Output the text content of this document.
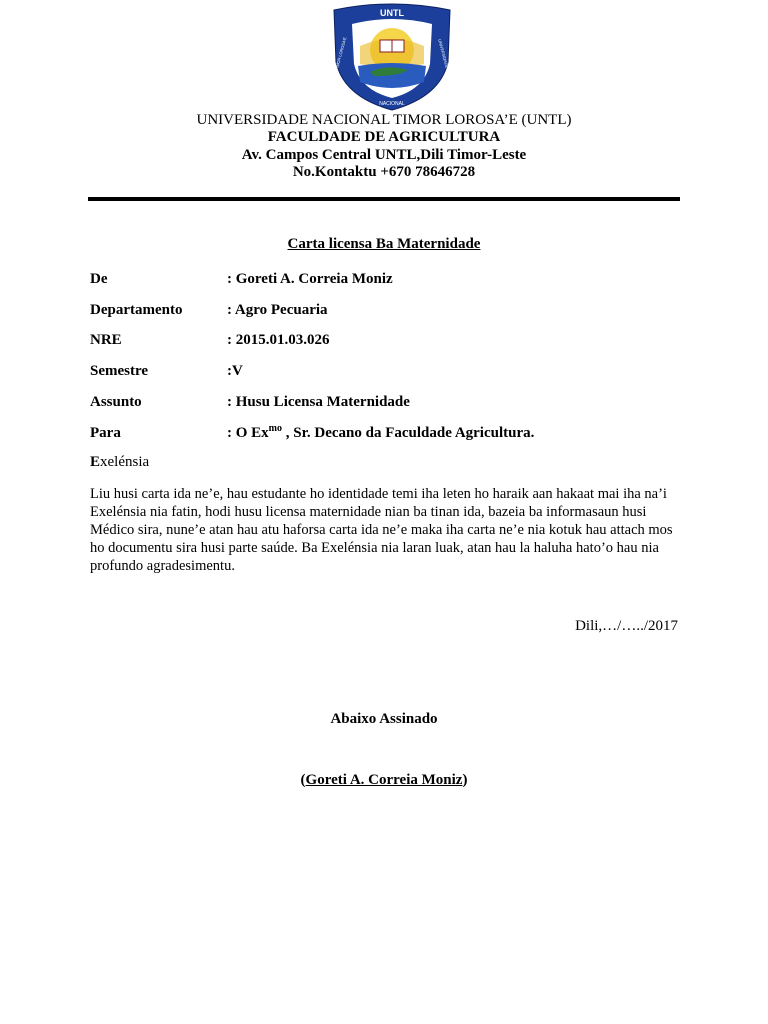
UNTL
TIMOR LOROSA'E	UNIVERSIDADE
NACIONAL
UNIVERSIDADE NACIONAL TIMOR LOROSA’E (UNTL)
FACULDADE DE AGRICULTURA
Av. Campos Central UNTL,Dili Timor-Leste
No.Kontaktu +670 78646728
Carta licensa Ba Maternidade
De	: Goreti A. Correia Moniz
Departamento	: Agro Pecuaria
NRE	: 2015.01.03.026
Semestre	:V
Assunto	: Husu Licensa Maternidade
Para	: O $Ex^{mo}$ , Sr. Decano da Faculdade Agricultura.
Exelénsia
Liu husi carta ida ne’e, hau estudante ho identidade temi iha leten ho haraik aan hakaat mai iha na’i Exelénsia nia fatin, hodi husu licensa maternidade nian ba tinan ida, bazeia ba informasaun husi Médico sira, nune’e atan hau atu haforsa carta ida ne’e maka iha carta ne’e nia kotuk hau attach mos ho documentu sira husi parte saúde. Ba Exelénsia nia laran luak, atan hau la haluha hato’o hau nia profundo agradesimentu.
Dili,…/…../2017
Abaixo Assinado
(Goreti A. Correia Moniz)
